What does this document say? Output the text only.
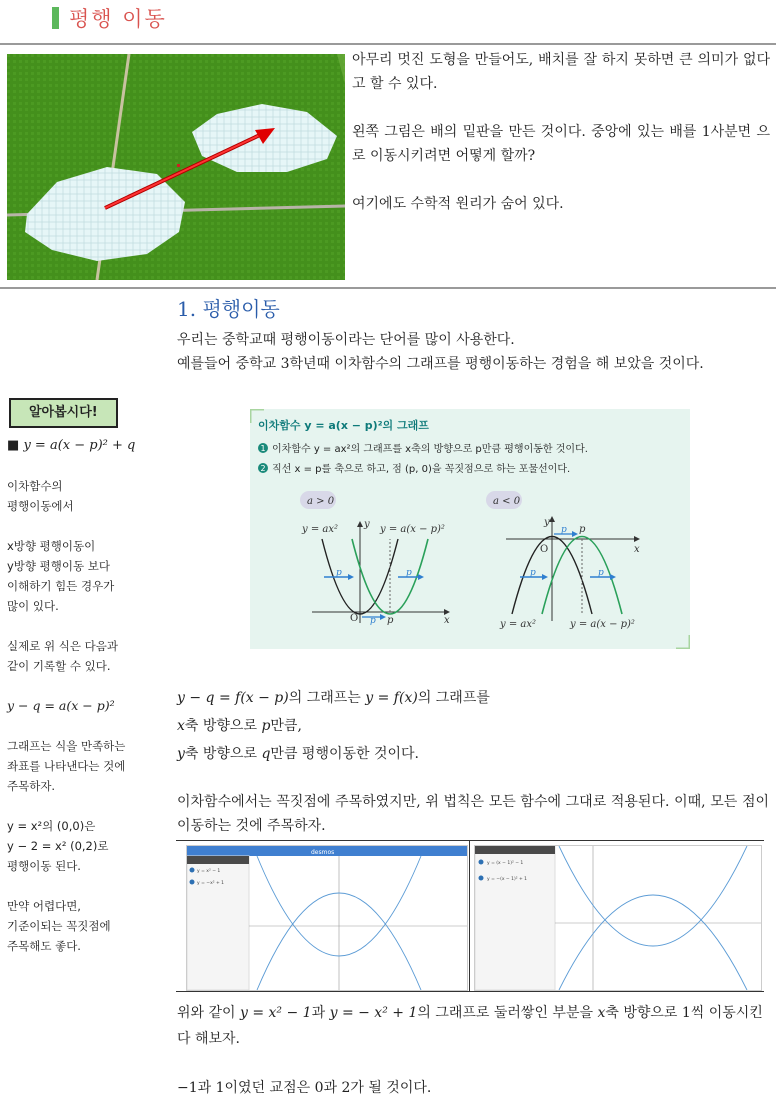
평행 이동

아무리 멋진 도형을 만들어도, 배치를 잘 하지 못하면 큰 의미가 없다고 할 수 있다.

왼쪽 그림은 배의 밑판을 만든 것이다. 중앙에 있는 배를 1사분면 으로 이동시키려면 어떻게 할까?

여기에도 수학적 원리가 숨어 있다.

1. 평행이동

우리는 중학교때 평행이동이라는 단어를 많이 사용한다.

예를들어 중학교 3학년때 이차함수의 그래프를 평행이동하는 경험을 해 보았을 것이다.

알아봅시다!
■ y = a(x − p)² + q

이차함수의
평행이동에서

x방향 평행이동이
y방향 평행이동 보다
이해하기 힘든 경우가
많이 있다.

실제로 위 식은 다음과
같이 기록할 수 있다.

y − q = a(x − p)²

그래프는 식을 만족하는
좌표를 나타낸다는 것에
주목하자.

y = x²의 (0,0)은
y − 2 = x² (0,2)로
평행이동 된다.

만약 어렵다면,
기준이되는 꼭짓점에
주목해도 좋다.

이차함수 y = a(x − p)²의 그래프
1 이차함수 y = ax²의 그래프를 x축의 방향으로 p만큼 평행이동한 것이다.
2 직선 x = p를 축으로 하고, 점 (p, 0)을 꼭짓점으로 하는 포물선이다.
a > 0
y = ax²	y = a(x − p)²
O
y
x
p
p	p
p
a < 0
y = ax²	y = a(x − p)²
O
y
x
p
p	p
p

y − q = f(x − p)의 그래프는 y = f(x)의 그래프를

x축 방향으로 p만큼,

y축 방향으로 q만큼 평행이동한 것이다.

이차함수에서는 꼭짓점에 주목하였지만, 위 법칙은 모든 함수에 그대로 적용된다. 이때, 모든 점이 이동하는 것에 주목하자.

desmos
y = x² − 1
y = −x² + 1
y = (x − 1)² − 1
y = −(x − 1)² + 1

위와 같이 y = x² − 1과 y = − x² + 1의 그래프로 둘러쌓인 부분을 x축 방향으로 1씩 이동시킨다 해보자.

−1과 1이였던 교점은 0과 2가 될 것이다.
